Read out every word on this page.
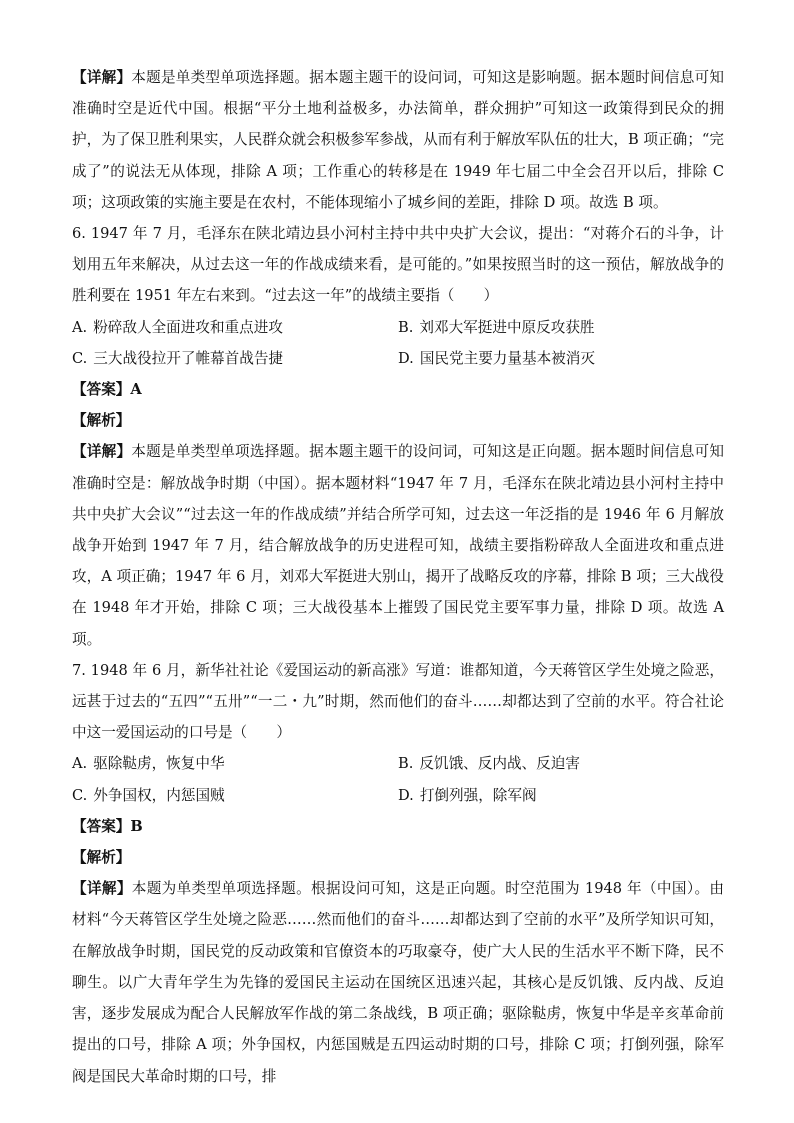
【详解】本题是单类型单项选择题。据本题主题干的设问词，可知这是影响题。据本题时间信息可知准确时空是近代中国。根据“平分土地利益极多，办法简单，群众拥护”可知这一政策得到民众的拥护，为了保卫胜利果实，人民群众就会积极参军参战，从而有利于解放军队伍的壮大，B 项正确；“完成了”的说法无从体现，排除 A 项；工作重心的转移是在 1949 年七届二中全会召开以后，排除 C 项；这项政策的实施主要是在农村，不能体现缩小了城乡间的差距，排除 D 项。故选 B 项。

6. 1947 年 7 月，毛泽东在陕北靖边县小河村主持中共中央扩大会议，提出：“对蒋介石的斗争，计划用五年来解决，从过去这一年的作战成绩来看，是可能的。”如果按照当时的这一预估，解放战争的胜利要在 1951 年左右来到。“过去这一年”的战绩主要指（　　）

A. 粉碎敌人全面进攻和重点进攻	B. 刘邓大军挺进中原反攻获胜
C. 三大战役拉开了帷幕首战告捷	D. 国民党主要力量基本被消灭

【答案】A

【解析】

【详解】本题是单类型单项选择题。据本题主题干的设问词，可知这是正向题。据本题时间信息可知准确时空是：解放战争时期（中国）。据本题材料“1947 年 7 月，毛泽东在陕北靖边县小河村主持中共中央扩大会议”“过去这一年的作战成绩”并结合所学可知，过去这一年泛指的是 1946 年 6 月解放战争开始到 1947 年 7 月，结合解放战争的历史进程可知，战绩主要指粉碎敌人全面进攻和重点进攻，A 项正确；1947 年 6 月，刘邓大军挺进大别山，揭开了战略反攻的序幕，排除 B 项；三大战役在 1948 年才开始，排除 C 项；三大战役基本上摧毁了国民党主要军事力量，排除 D 项。故选 A 项。

7. 1948 年 6 月，新华社社论《爱国运动的新高涨》写道：谁都知道，今天蒋管区学生处境之险恶，远甚于过去的“五四”“五卅”“一二・九”时期，然而他们的奋斗……却都达到了空前的水平。符合社论中这一爱国运动的口号是（　　）

A. 驱除鞑虏，恢复中华	B. 反饥饿、反内战、反迫害
C. 外争国权，内惩国贼	D. 打倒列强，除军阀

【答案】B

【解析】

【详解】本题为单类型单项选择题。根据设问可知，这是正向题。时空范围为 1948 年（中国）。由材料“今天蒋管区学生处境之险恶……然而他们的奋斗……却都达到了空前的水平”及所学知识可知，在解放战争时期，国民党的反动政策和官僚资本的巧取豪夺，使广大人民的生活水平不断下降，民不聊生。以广大青年学生为先锋的爱国民主运动在国统区迅速兴起，其核心是反饥饿、反内战、反迫害，逐步发展成为配合人民解放军作战的第二条战线，B 项正确；驱除鞑虏，恢复中华是辛亥革命前提出的口号，排除 A 项；外争国权，内惩国贼是五四运动时期的口号，排除 C 项；打倒列强，除军阀是国民大革命时期的口号，排
